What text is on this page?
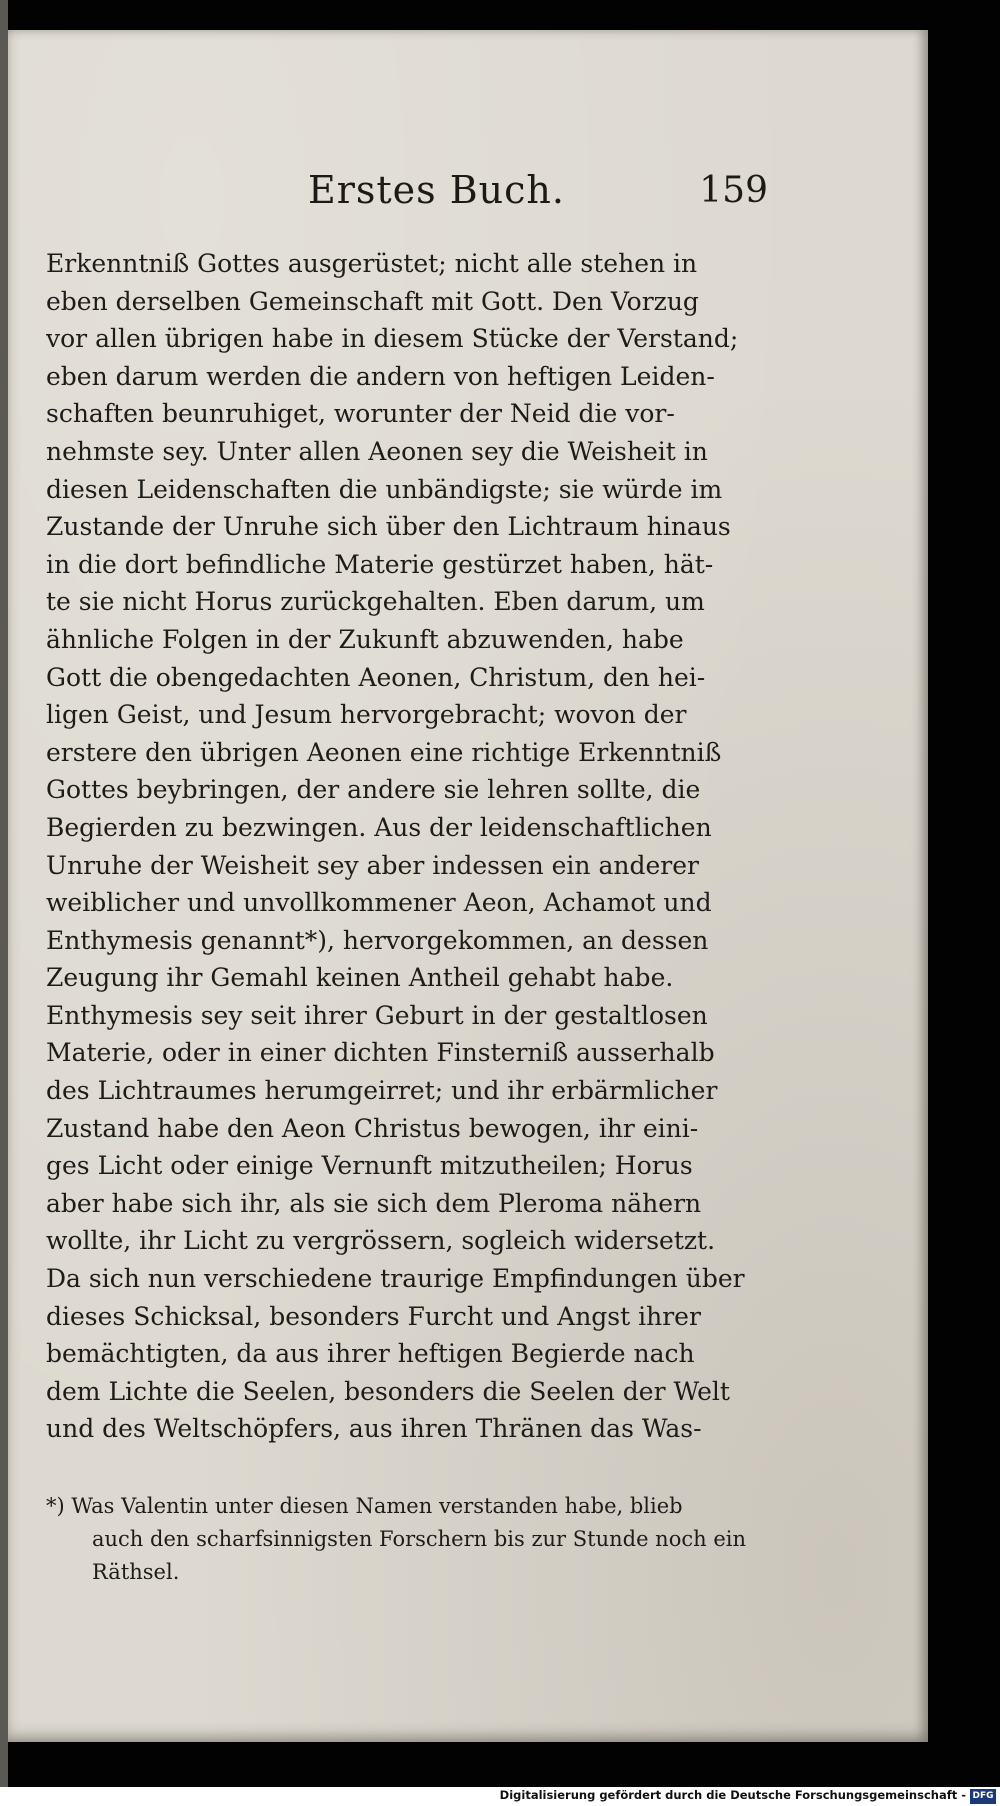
Erstes Buch.	159
Erkenntniß Gottes ausgerüstet; nicht alle stehen in
eben derselben Gemeinschaft mit Gott. Den Vorzug
vor allen übrigen habe in diesem Stücke der Verstand;
eben darum werden die andern von heftigen Leiden-
schaften beunruhiget, worunter der Neid die vor-
nehmste sey. Unter allen Aeonen sey die Weisheit in
diesen Leidenschaften die unbändigste; sie würde im
Zustande der Unruhe sich über den Lichtraum hinaus
in die dort befindliche Materie gestürzet haben, hät-
te sie nicht Horus zurückgehalten. Eben darum, um
ähnliche Folgen in der Zukunft abzuwenden, habe
Gott die obengedachten Aeonen, Christum, den hei-
ligen Geist, und Jesum hervorgebracht; wovon der
erstere den übrigen Aeonen eine richtige Erkenntniß
Gottes beybringen, der andere sie lehren sollte, die
Begierden zu bezwingen. Aus der leidenschaftlichen
Unruhe der Weisheit sey aber indessen ein anderer
weiblicher und unvollkommener Aeon, Achamot und
Enthymesis genannt*), hervorgekommen, an dessen
Zeugung ihr Gemahl keinen Antheil gehabt habe.
Enthymesis sey seit ihrer Geburt in der gestaltlosen
Materie, oder in einer dichten Finsterniß ausserhalb
des Lichtraumes herumgeirret; und ihr erbärmlicher
Zustand habe den Aeon Christus bewogen, ihr eini-
ges Licht oder einige Vernunft mitzutheilen; Horus
aber habe sich ihr, als sie sich dem Pleroma nähern
wollte, ihr Licht zu vergrössern, sogleich widersetzt.
Da sich nun verschiedene traurige Empfindungen über
dieses Schicksal, besonders Furcht und Angst ihrer
bemächtigten, da aus ihrer heftigen Begierde nach
dem Lichte die Seelen, besonders die Seelen der Welt
und des Weltschöpfers, aus ihren Thränen das Was-
*) Was Valentin unter diesen Namen verstanden habe, blieb
auch den scharfsinnigsten Forschern bis zur Stunde noch ein
Räthsel.
Digitalisierung gefördert durch die Deutsche Forschungsgemeinschaft - DFG
